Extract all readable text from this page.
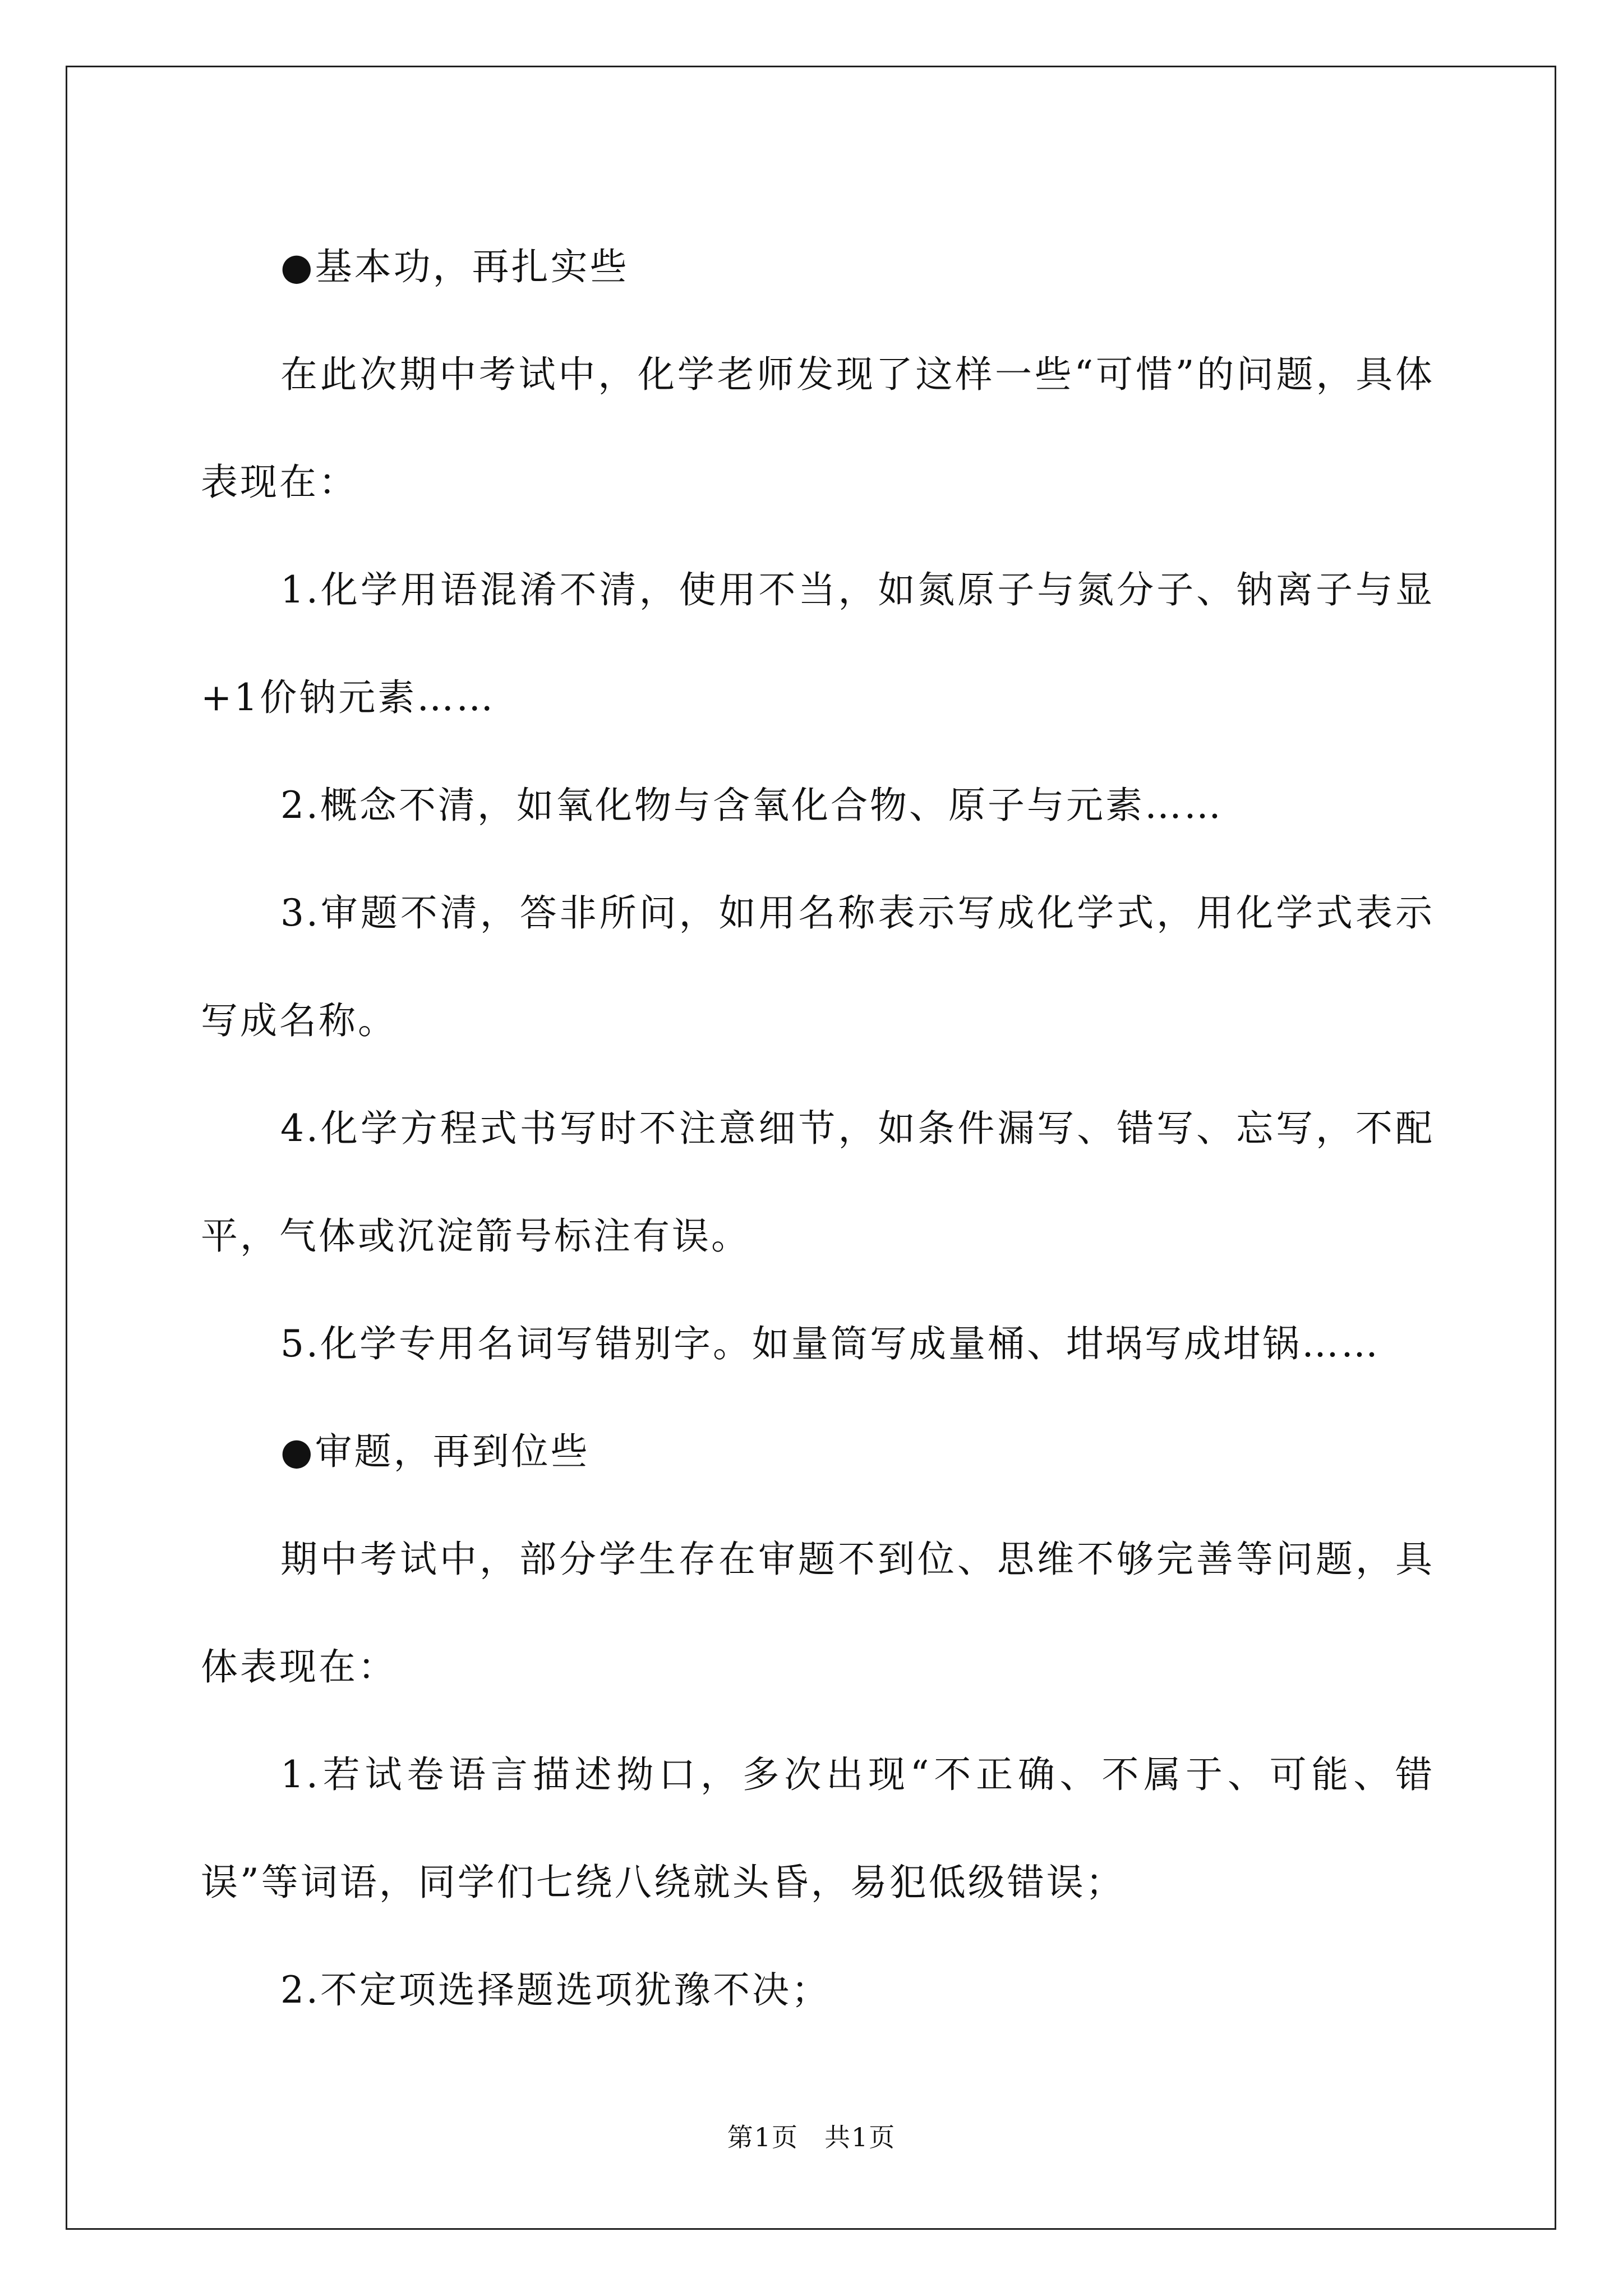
●基本功，再扎实些

在此次期中考试中，化学老师发现了这样一些“可惜”的问题，具体表现在：

1.化学用语混淆不清，使用不当，如氮原子与氮分子、钠离子与显+1价钠元素……

2.概念不清，如氧化物与含氧化合物、原子与元素……

3.审题不清，答非所问，如用名称表示写成化学式，用化学式表示写成名称。

4.化学方程式书写时不注意细节，如条件漏写、错写、忘写，不配平，气体或沉淀箭号标注有误。

5.化学专用名词写错别字。如量筒写成量桶、坩埚写成坩锅……

●审题，再到位些

期中考试中，部分学生存在审题不到位、思维不够完善等问题，具体表现在：

1.若试卷语言描述拗口，多次出现“不正确、不属于、可能、错误”等词语，同学们七绕八绕就头昏，易犯低级错误；

2.不定项选择题选项犹豫不决；

第1页 共1页
